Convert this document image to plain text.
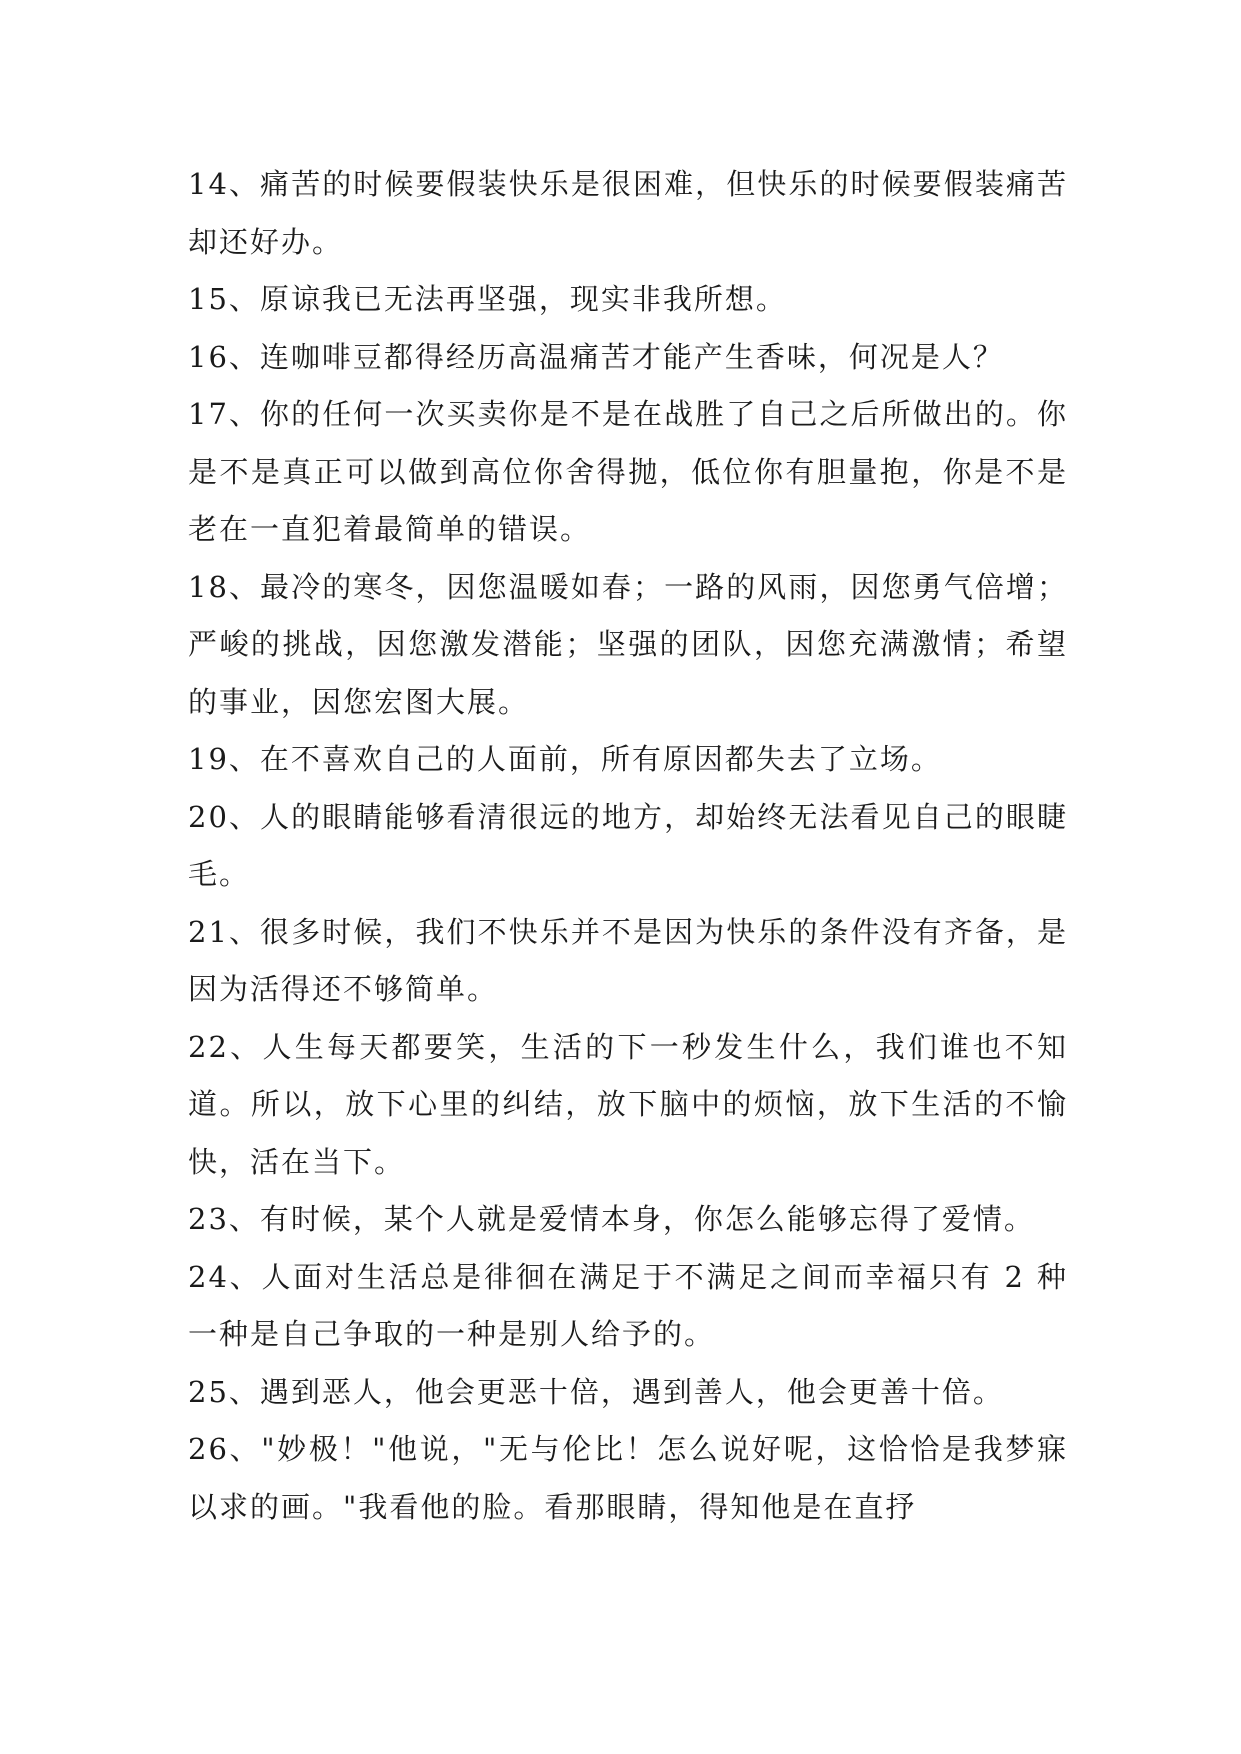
14、痛苦的时候要假装快乐是很困难，但快乐的时候要假装痛苦却还好办。

15、原谅我已无法再坚强，现实非我所想。

16、连咖啡豆都得经历高温痛苦才能产生香味，何况是人？

17、你的任何一次买卖你是不是在战胜了自己之后所做出的。你是不是真正可以做到高位你舍得抛，低位你有胆量抱，你是不是老在一直犯着最简单的错误。

18、最冷的寒冬，因您温暖如春；一路的风雨，因您勇气倍增；严峻的挑战，因您激发潜能；坚强的团队，因您充满激情；希望的事业，因您宏图大展。

19、在不喜欢自己的人面前，所有原因都失去了立场。

20、人的眼睛能够看清很远的地方，却始终无法看见自己的眼睫毛。

21、很多时候，我们不快乐并不是因为快乐的条件没有齐备，是因为活得还不够简单。

22、人生每天都要笑，生活的下一秒发生什么，我们谁也不知道。所以，放下心里的纠结，放下脑中的烦恼，放下生活的不愉快，活在当下。

23、有时候，某个人就是爱情本身，你怎么能够忘得了爱情。

24、人面对生活总是徘徊在满足于不满足之间而幸福只有 2 种一种是自己争取的一种是别人给予的。

25、遇到恶人，他会更恶十倍，遇到善人，他会更善十倍。

26、"妙极！"他说，"无与伦比！怎么说好呢，这恰恰是我梦寐以求的画。"我看他的脸。看那眼睛，得知他是在直抒
